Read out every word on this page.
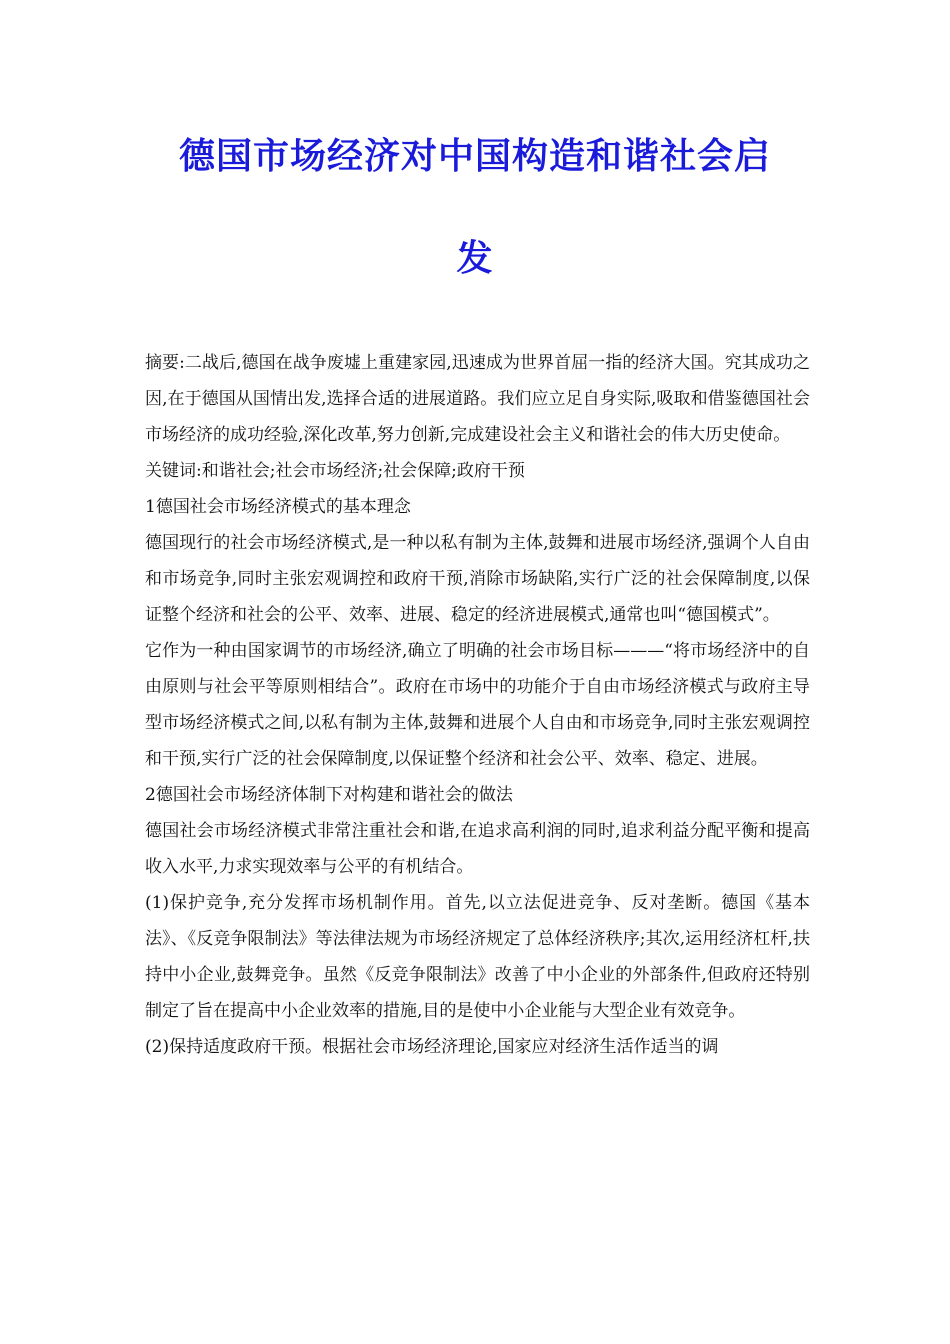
德国市场经济对中国构造和谐社会启
发

摘要:二战后,德国在战争废墟上重建家园,迅速成为世界首屈一指的经济大国。究其成功之因,在于德国从国情出发,选择合适的进展道路。我们应立足自身实际,吸取和借鉴德国社会市场经济的成功经验,深化改革,努力创新,完成建设社会主义和谐社会的伟大历史使命。

关键词:和谐社会;社会市场经济;社会保障;政府干预

1德国社会市场经济模式的基本理念

德国现行的社会市场经济模式,是一种以私有制为主体,鼓舞和进展市场经济,强调个人自由和市场竞争,同时主张宏观调控和政府干预,消除市场缺陷,实行广泛的社会保障制度,以保证整个经济和社会的公平、效率、进展、稳定的经济进展模式,通常也叫“德国模式”。

它作为一种由国家调节的市场经济,确立了明确的社会市场目标———“将市场经济中的自由原则与社会平等原则相结合”。政府在市场中的功能介于自由市场经济模式与政府主导型市场经济模式之间,以私有制为主体,鼓舞和进展个人自由和市场竞争,同时主张宏观调控和干预,实行广泛的社会保障制度,以保证整个经济和社会公平、效率、稳定、进展。

2德国社会市场经济体制下对构建和谐社会的做法

德国社会市场经济模式非常注重社会和谐,在追求高利润的同时,追求利益分配平衡和提高收入水平,力求实现效率与公平的有机结合。

(1)保护竞争,充分发挥市场机制作用。首先,以立法促进竞争、反对垄断。德国《基本法》、《反竞争限制法》等法律法规为市场经济规定了总体经济秩序;其次,运用经济杠杆,扶持中小企业,鼓舞竞争。虽然《反竞争限制法》改善了中小企业的外部条件,但政府还特别制定了旨在提高中小企业效率的措施,目的是使中小企业能与大型企业有效竞争。

(2)保持适度政府干预。根据社会市场经济理论,国家应对经济生活作适当的调
